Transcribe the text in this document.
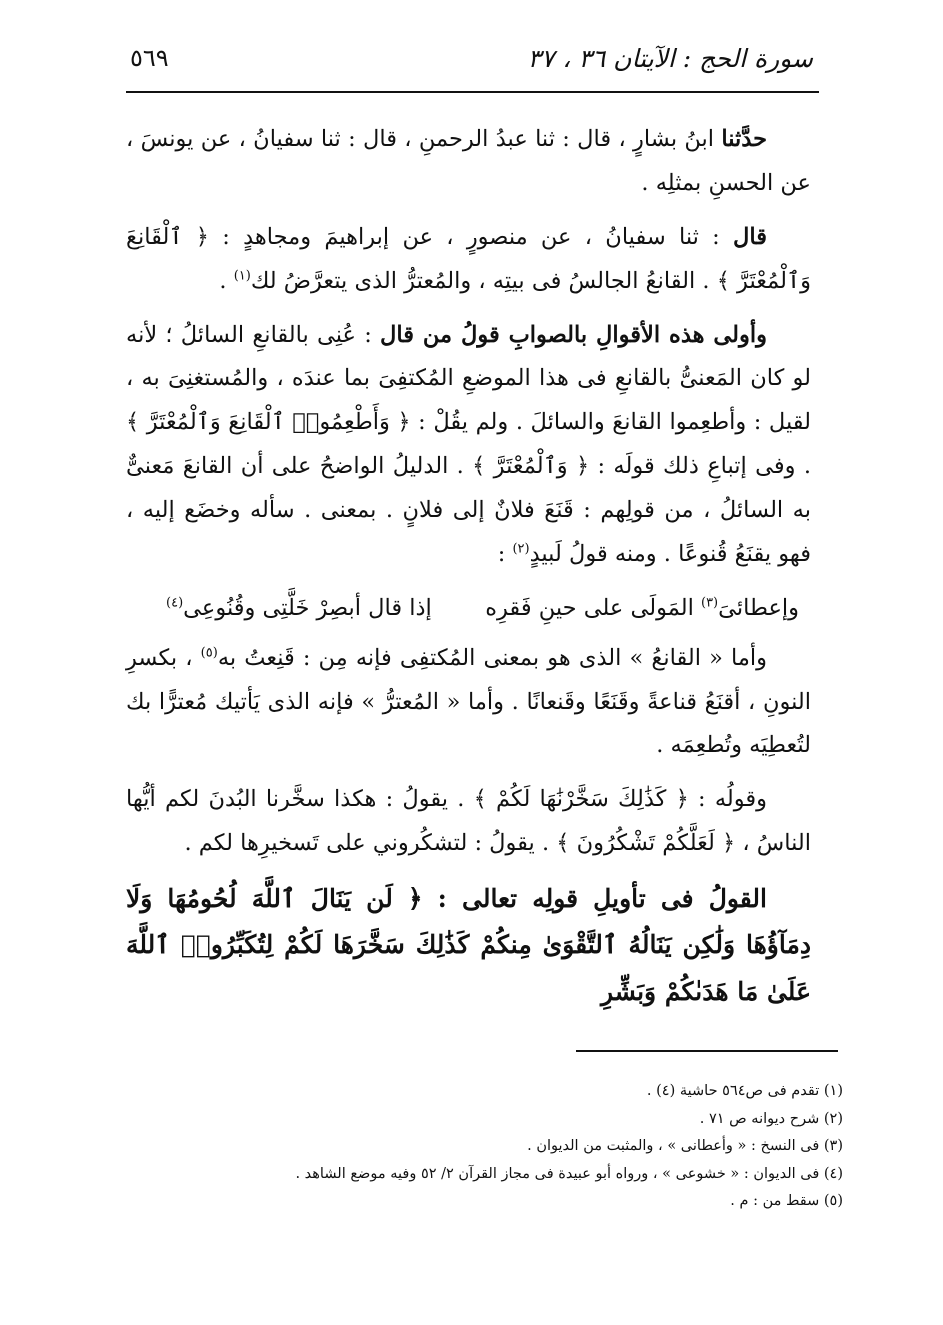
سورة الحج : الآيتان ٣٦ ، ٣٧
٥٦٩

حدَّثنا ابنُ بشارٍ ، قال : ثنا عبدُ الرحمنِ ، قال : ثنا سفيانُ ، عن يونسَ ، عن الحسنِ بمثلِه .

قال : ثنا سفيانُ ، عن منصورٍ ، عن إبراهيمَ ومجاهدٍ : ﴿ ٱلْقَانِعَ وَٱلْمُعْتَرَّ ﴾ . القانعُ الجالسُ فى بيتِه ، والمُعترُّ الذى يتعرَّضُ لك$^{(١)}$ .

وأولى هذه الأقوالِ بالصوابِ قولُ من قال : عُنِى بالقانعِ السائلُ ؛ لأنه لو كان المَعنىُّ بالقانعِ فى هذا الموضعِ المُكتفِىَ بما عندَه ، والمُستغنِىَ به ، لقيل : وأطعِموا القانعَ والسائلَ . ولم يقُلْ : ﴿ وَأَطْعِمُوا۟ ٱلْقَانِعَ وَٱلْمُعْتَرَّ ﴾ . وفى إتباعِ ذلك قولَه : ﴿ وَٱلْمُعْتَرَّ ﴾ . الدليلُ الواضحُ على أن القانعَ مَعنىٌّ به السائلُ ، من قولِهم : قَنَعَ فلانٌ إلى فلانٍ . بمعنى . سأله وخضَع إليه ، فهو يقنَعُ قُنوعًا . ومنه قولُ لَبيدٍ$^{(٢)}$ :

وإعطائىَ$^{(٣)}$ المَولَى على حينِ فَقرِه
إذا قال أبصِرْ خَلَّتِى وقُنُوعِى$^{(٤)}$

وأما « القانعُ » الذى هو بمعنى المُكتفِى فإنه مِن : قَنِعتُ به$^{(٥)}$ ، بكسرِ النونِ ، أقنَعُ قناعةً وقَنَعًا وقَنعانًا . وأما « المُعترُّ » فإنه الذى يَأتيك مُعترًّا بك لتُعطِيَه وتُطعِمَه .

وقولُه : ﴿ كَذَٰلِكَ سَخَّرْنَٰهَا لَكُمْ ﴾ . يقولُ : هكذا سخَّرنا البُدنَ لكم أيُّها الناسُ ، ﴿ لَعَلَّكُمْ تَشْكُرُونَ ﴾ . يقولُ : لتشكُروني على تَسخيرِها لكم .

القولُ فى تأويلِ قولِه تعالى : ﴿ لَن يَنَالَ ٱللَّهَ لُحُومُهَا وَلَا دِمَآؤُهَا وَلَٰكِن يَنَالُهُ ٱلتَّقْوَىٰ مِنكُمْ كَذَٰلِكَ سَخَّرَهَا لَكُمْ لِتُكَبِّرُوا۟ ٱللَّهَ عَلَىٰ مَا هَدَىٰكُمْ وَبَشِّرِ

(١) تقدم فى ص٥٦٤ حاشية (٤) .

(٢) شرح ديوانه ص ٧١ .

(٣) فى النسخ : « وأعطانى » ، والمثبت من الديوان .

(٤) فى الديوان : « خشوعى » ، ورواه أبو عبيدة فى مجاز القرآن ٢/ ٥٢ وفيه موضع الشاهد .

(٥) سقط من : م .
